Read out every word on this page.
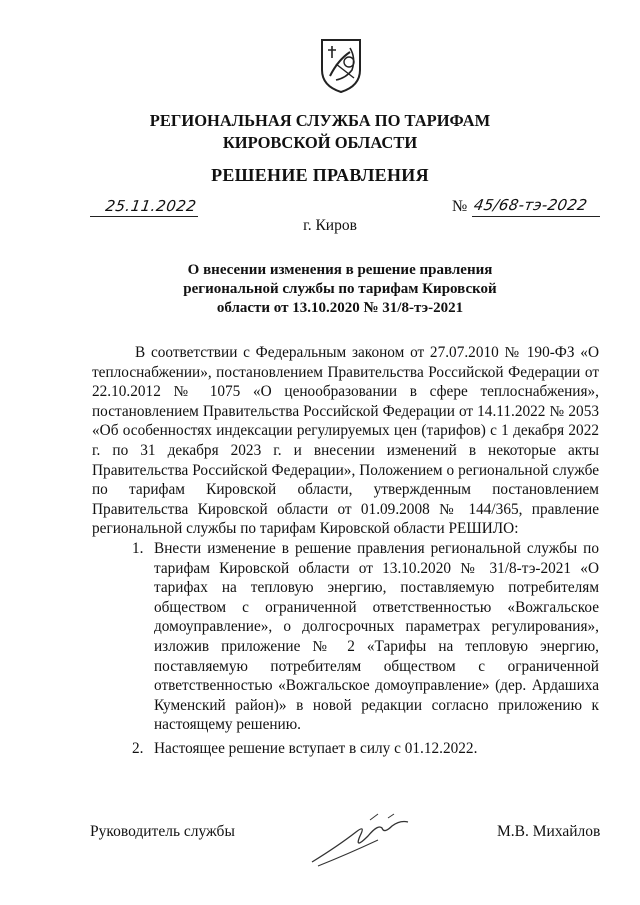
РЕГИОНАЛЬНАЯ СЛУЖБА ПО ТАРИФАМ
КИРОВСКОЙ ОБЛАСТИ
РЕШЕНИЕ ПРАВЛЕНИЯ
25.11.2022	№ 45/68-тэ-2022
г. Киров
О внесении изменения в решение правления
региональной службы по тарифам Кировской
области от 13.10.2020 № 31/8-тэ-2021

В соответствии с Федеральным законом от 27.07.2010 № 190-ФЗ «О теплоснабжении», постановлением Правительства Российской Федерации от 22.10.2012 № 1075 «О ценообразовании в сфере теплоснабжения», постановлением Правительства Российской Федерации от 14.11.2022 № 2053 «Об особенностях индексации регулируемых цен (тарифов) с 1 декабря 2022 г. по 31 декабря 2023 г. и внесении изменений в некоторые акты Правительства Российской Федерации», Положением о региональной службе по тарифам Кировской области, утвержденным постановлением Правительства Кировской области от 01.09.2008 № 144/365, правление региональной службы по тарифам Кировской области РЕШИЛО:

1. Внести изменение в решение правления региональной службы по тарифам Кировской области от 13.10.2020 № 31/8-тэ-2021 «О тарифах на тепловую энергию, поставляемую потребителям обществом с ограниченной ответственностью «Вожгальское домоуправление», о долгосрочных параметрах регулирования», изложив приложение № 2 «Тарифы на тепловую энергию, поставляемую потребителям обществом с ограниченной ответственностью «Вожгальское домоуправление» (дер. Ардашиха Куменский район)» в новой редакции согласно приложению к настоящему решению.
2. Настоящее решение вступает в силу с 01.12.2022.
Руководитель службы	М.В. Михайлов
